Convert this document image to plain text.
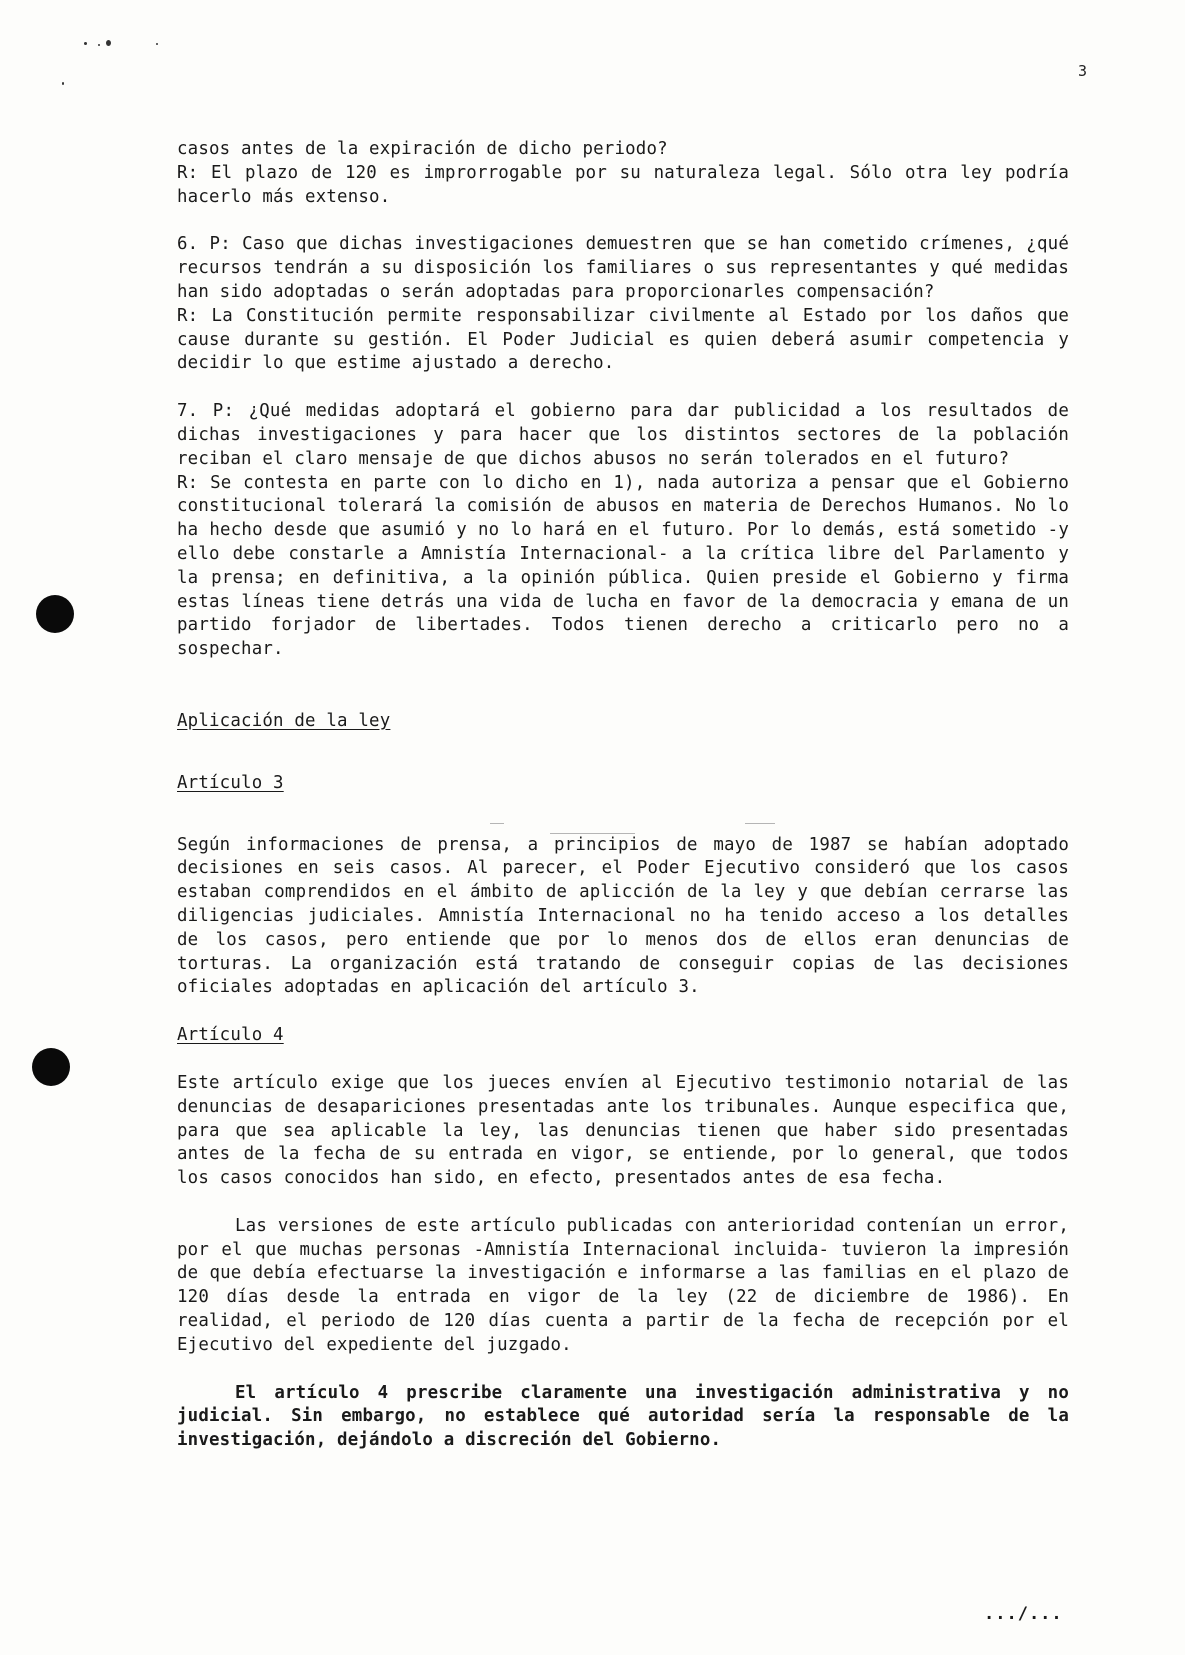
3

casos antes de la expiración de dicho periodo?
R: El plazo de 120 es improrrogable por su naturaleza legal. Sólo otra ley podría hacerlo más extenso.

6. P: Caso que dichas investigaciones demuestren que se han cometido crímenes, ¿qué recursos tendrán a su disposición los familiares o sus representantes y qué medidas han sido adoptadas o serán adoptadas para proporcionarles compensación?
R: La Constitución permite responsabilizar civilmente al Estado por los daños que cause durante su gestión. El Poder Judicial es quien deberá asumir competencia y decidir lo que estime ajustado a derecho.

7. P: ¿Qué medidas adoptará el gobierno para dar publicidad a los resultados de dichas investigaciones y para hacer que los distintos sectores de la población reciban el claro mensaje de que dichos abusos no serán tolerados en el futuro?
R: Se contesta en parte con lo dicho en 1), nada autoriza a pensar que el Gobierno constitucional tolerará la comisión de abusos en materia de Derechos Humanos. No lo ha hecho desde que asumió y no lo hará en el futuro. Por lo demás, está sometido -y ello debe constarle a Amnistía Internacional- a la crítica libre del Parlamento y la prensa; en definitiva, a la opinión pública. Quien preside el Gobierno y firma estas líneas tiene detrás una vida de lucha en favor de la democracia y emana de un partido forjador de libertades. Todos tienen derecho a criticarlo pero no a sospechar.

Aplicación de la ley

Artículo 3

Según informaciones de prensa, a principios de mayo de 1987 se habían adoptado decisiones en seis casos. Al parecer, el Poder Ejecutivo consideró que los casos estaban comprendidos en el ámbito de aplicción de la ley y que debían cerrarse las diligencias judiciales. Amnistía Internacional no ha tenido acceso a los detalles de los casos, pero entiende que por lo menos dos de ellos eran denuncias de torturas. La organización está tratando de conseguir copias de las decisiones oficiales adoptadas en aplicación del artículo 3.

Artículo 4

Este artículo exige que los jueces envíen al Ejecutivo testimonio notarial de las denuncias de desapariciones presentadas ante los tribunales. Aunque especifica que, para que sea aplicable la ley, las denuncias tienen que haber sido presentadas antes de la fecha de su entrada en vigor, se entiende, por lo general, que todos los casos conocidos han sido, en efecto, presentados antes de esa fecha.

Las versiones de este artículo publicadas con anterioridad contenían un error, por el que muchas personas -Amnistía Internacional incluida- tuvieron la impresión de que debía efectuarse la investigación e informarse a las familias en el plazo de 120 días desde la entrada en vigor de la ley (22 de diciembre de 1986). En realidad, el periodo de 120 días cuenta a partir de la fecha de recepción por el Ejecutivo del expediente del juzgado.

El artículo 4 prescribe claramente una investigación administrativa y no judicial. Sin embargo, no establece qué autoridad sería la responsable de la investigación, dejándolo a discreción del Gobierno.

.../...
